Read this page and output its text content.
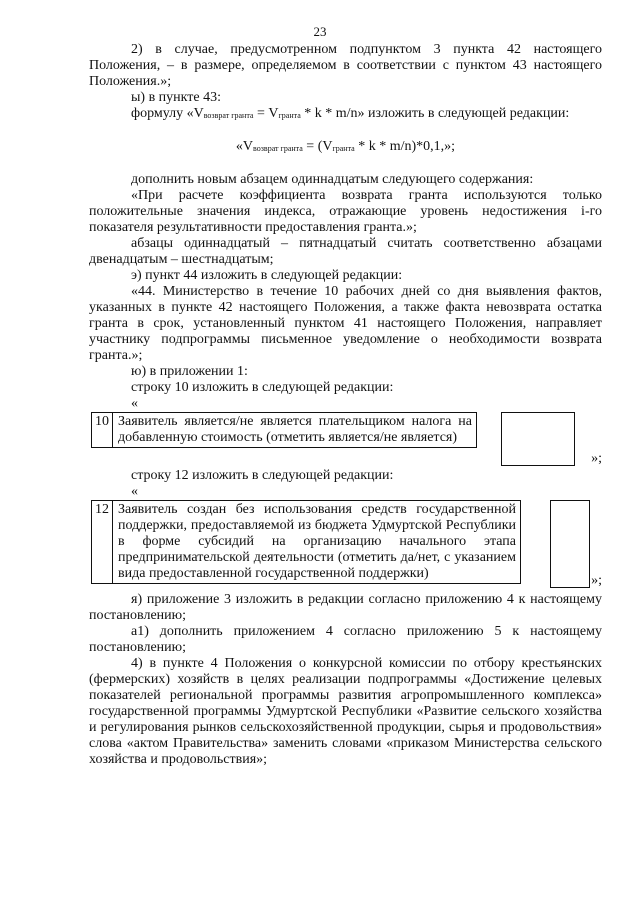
23

2) в случае, предусмотренном подпунктом 3 пункта 42 настоящего Положения, – в размере, определяемом в соответствии с пунктом 43 настоящего Положения.»;

ы) в пункте 43:

формулу «$V_{возврат гранта} = V_{гранта} * k * m/n$» изложить в следующей редакции:

«$V_{возврат гранта} = (V_{гранта} * k * m/n)*0,1$,»;

дополнить новым абзацем одиннадцатым следующего содержания:

«При расчете коэффициента возврата гранта используются только положительные значения индекса, отражающие уровень недостижения i-го показателя результативности предоставления гранта.»;

абзацы одиннадцатый – пятнадцатый считать соответственно абзацами двенадцатым – шестнадцатым;

э) пункт 44 изложить в следующей редакции:

«44. Министерство в течение 10 рабочих дней со дня выявления фактов, указанных в пункте 42 настоящего Положения, а также факта невозврата остатка гранта в срок, установленный пунктом 41 настоящего Положения, направляет участнику подпрограммы письменное уведомление о необходимости возврата гранта.»;

ю) в приложении 1:

строку 10 изложить в следующей редакции:

«

10	Заявитель является/не является плательщиком налога на добавленную стоимость (отметить является/не является)
»;

строку 12 изложить в следующей редакции:

«

12	Заявитель создан без использования средств государственной поддержки, предоставляемой из бюджета Удмуртской Республики в форме субсидий на организацию начального этапа предпринимательской деятельности (отметить да/нет, с указанием вида предоставленной государственной поддержки)	»;

я) приложение 3 изложить в редакции согласно приложению 4 к настоящему постановлению;

а1) дополнить приложением 4 согласно приложению 5 к настоящему постановлению;

4) в пункте 4 Положения о конкурсной комиссии по отбору крестьянских (фермерских) хозяйств в целях реализации подпрограммы «Достижение целевых показателей региональной программы развития агропромышленного комплекса» государственной программы Удмуртской Республики «Развитие сельского хозяйства и регулирования рынков сельскохозяйственной продукции, сырья и продовольствия» слова «актом Правительства» заменить словами «приказом Министерства сельского хозяйства и продовольствия»;
